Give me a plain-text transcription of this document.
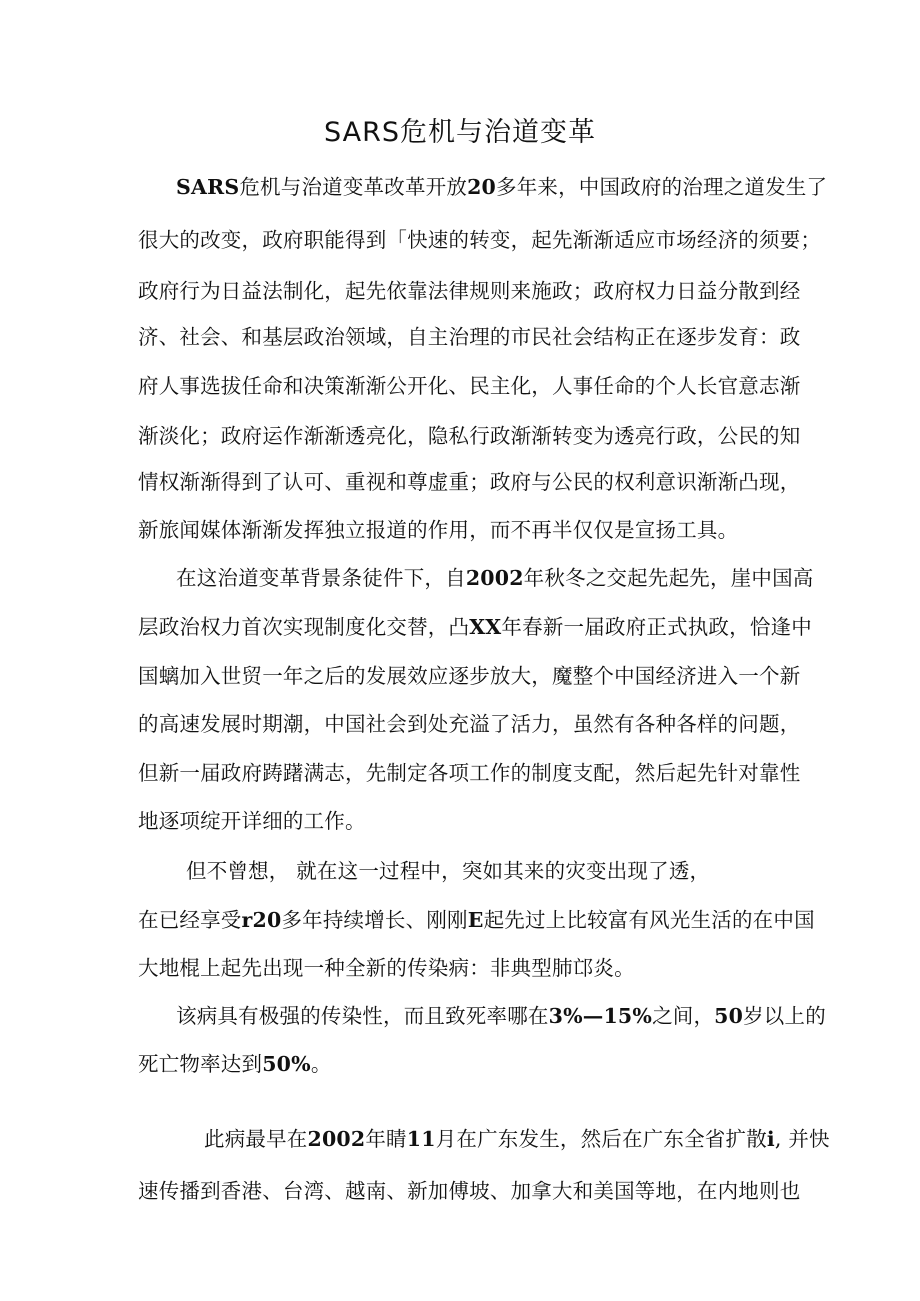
SARS危机与治道变革
SARS危机与治道变革改革开放20多年来，中国政府的治理之道发生了
很大的改变，政府职能得到「快速的转变，起先渐渐适应市场经济的须要；
政府行为日益法制化，起先依靠法律规则来施政；政府权力日益分散到经
济、社会、和基层政治领域，自主治理的市民社会结构正在逐步发育：政
府人事选拔任命和决策渐渐公开化、民主化，人事任命的个人长官意志渐
渐淡化；政府运作渐渐透亮化，隐私行政渐渐转变为透亮行政，公民的知
情权渐渐得到了认可、重视和尊虚重；政府与公民的权利意识渐渐凸现，
新旅闻媒体渐渐发挥独立报道的作用，而不再半仅仅是宣扬工具。
在这治道变革背景条徒件下，自2002年秋冬之交起先起先，崖中国高
层政治权力首次实现制度化交替，凸XX年春新一届政府正式执政，恰逢中
国螭加入世贸一年之后的发展效应逐步放大，魔整个中国经济进入一个新
的高速发展时期潮，中国社会到处充溢了活力，虽然有各种各样的问题，
但新一届政府踌躇满志，先制定各项工作的制度支配，然后起先针对靠性
地逐项绽开详细的工作。
但不曾想， 就在这一过程中，突如其来的灾变出现了透，
在已经享受r20多年持续增长、刚刚E起先过上比较富有风光生活的在中国
大地棍上起先出现一种全新的传染病：非典型肺邙炎。
该病具有极强的传染性，而且致死率哪在3%—15%之间，50岁以上的
死亡物率达到50%。
此病最早在2002年睛11月在广东发生，然后在广东全省扩散i, 并快
速传播到香港、台湾、越南、新加傅坡、加拿大和美国等地，在内地则也
